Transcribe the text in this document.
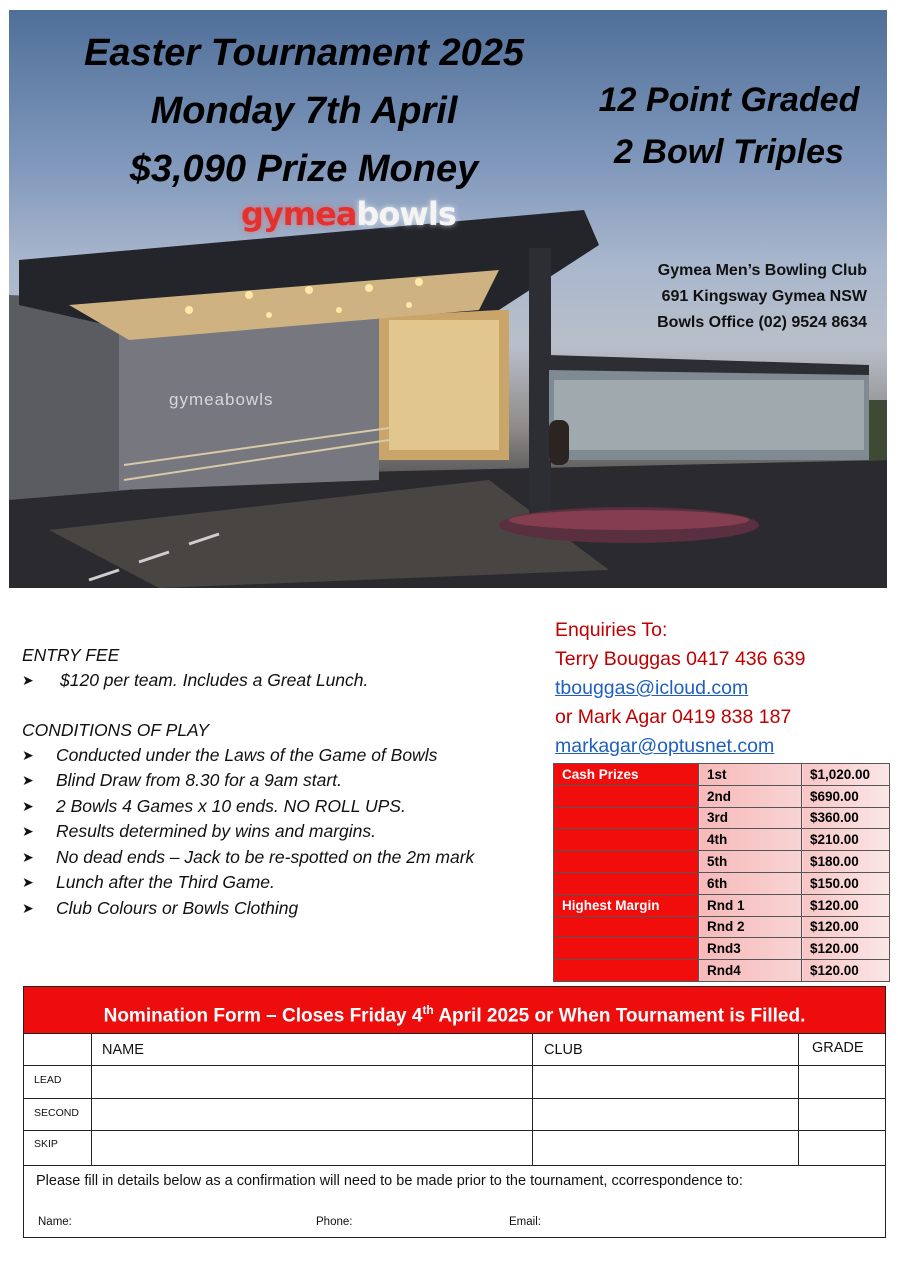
gymeabowls
gymeabowls
Easter Tournament 2025
Monday 7th April
$3,090 Prize Money
12 Point Graded
2 Bowl Triples
Gymea Men’s Bowling Club
691 Kingsway Gymea NSW
Bowls Office (02) 9524 8634
ENTRY FEE
➤	$120 per team. Includes a Great Lunch.
CONDITIONS OF PLAY
➤	Conducted under the Laws of the Game of Bowls
➤	Blind Draw from 8.30 for a 9am start.
➤	2 Bowls 4 Games x 10 ends. NO ROLL UPS.
➤	Results determined by wins and margins.
➤	No dead ends – Jack to be re-spotted on the 2m mark
➤	Lunch after the Third Game.
➤	Club Colours or Bowls Clothing
Enquiries To:
Terry Bouggas 0417 436 639
tbouggas@icloud.com
or Mark Agar 0419 838 187
markagar@optusnet.com
Cash Prizes	1st	$1,020.00
	2nd	$690.00
	3rd	$360.00
	4th	$210.00
	5th	$180.00
	6th	$150.00
Highest Margin	Rnd 1	$120.00
	Rnd 2	$120.00
	Rnd3	$120.00
	Rnd4	$120.00
Nomination Form – Closes Friday 4th April 2025 or When Tournament is Filled.
NAME	CLUB	GRADE
LEAD
SECOND
SKIP
Please fill in details below as a confirmation will need to be made prior to the tournament, ccorrespondence to:
Name:	Phone:	Email:
